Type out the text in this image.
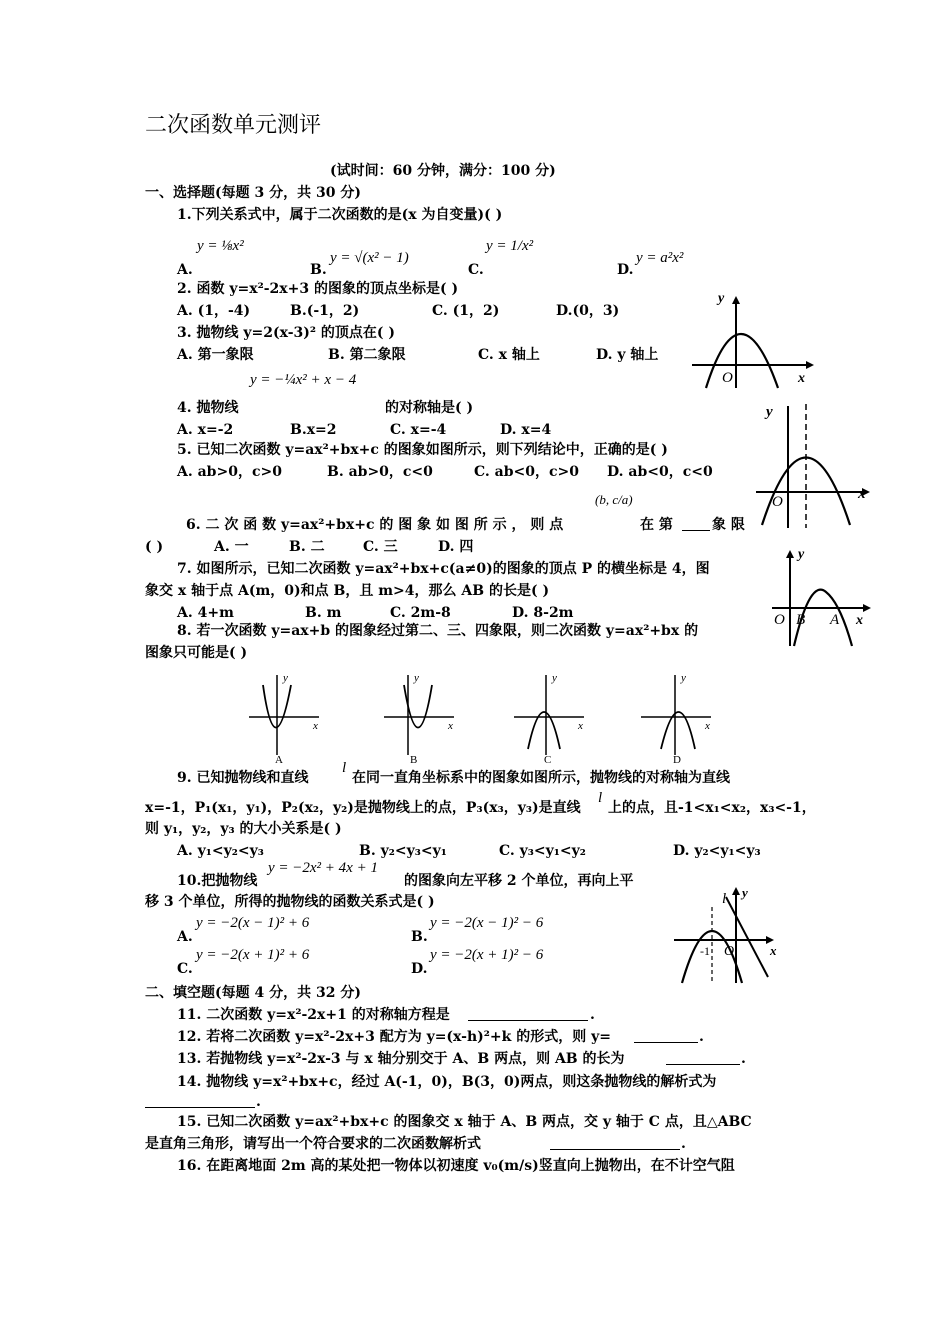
二次函数单元测评
(试时间：60 分钟，满分：100 分)
一、选择题(每题 3 分，共 30 分)
1.下列关系式中，属于二次函数的是(x 为自变量)( )
A.
y = ⅛x²
B.
y = √(x² − 1)
C.
y = 1/x²
D.
y = a²x²
2. 函数 y=x²-2x+3 的图象的顶点坐标是( )
A. (1，-4)	B.(-1，2)	C. (1，2)	D.(0，3)
3. 抛物线 y=2(x-3)² 的顶点在( )
A. 第一象限	B. 第二象限	C. x 轴上	D. y 轴上
y
O	x
y = −¼x² + x − 4
4. 抛物线	的对称轴是( )
A. x=-2	B.x=2	C. x=-4	D. x=4
5. 已知二次函数 y=ax²+bx+c 的图象如图所示，则下列结论中，正确的是( )
A. ab>0，c>0	B. ab>0，c<0	C. ab<0，c>0 D. ab<0，c<0
y
O	x
6. 二 次 函 数 y=ax²+bx+c 的 图 象 如 图 所 示 ， 则 点
(b, c/a)
在 第	象 限
( )	A. 一	B. 二	C. 三	D. 四
7. 如图所示，已知二次函数 y=ax²+bx+c(a≠0)的图象的顶点 P 的横坐标是 4，图
象交 x 轴于点 A(m，0)和点 B，且 m>4，那么 AB 的长是( )
A. 4+m	B. m	C. 2m-8	D. 8-2m
y
O B A x
8. 若一次函数 y=ax+b 的图象经过第二、三、四象限，则二次函数 y=ax²+bx 的
图象只可能是( )
y
x
A
y
x
B
y
x
C
y
x
D
9. 已知抛物线和直线
l
在同一直角坐标系中的图象如图所示，抛物线的对称轴为直线
x=-1，P₁(x₁，y₁)，P₂(x₂，y₂)是抛物线上的点，P₃(x₃，y₃)是直线
l
上的点，且-1<x₁<x₂，x₃<-1，
则 y₁，y₂，y₃ 的大小关系是( )
A. y₁<y₂<y₃	B. y₂<y₃<y₁	C. y₃<y₁<y₂	D. y₂<y₁<y₃
10.把抛物线
y = −2x² + 4x + 1
的图象向左平移 2 个单位，再向上平
移 3 个单位，所得的抛物线的函数关系式是( )
A.
y = −2(x − 1)² + 6
B.
y = −2(x − 1)² − 6
C.
y = −2(x + 1)² + 6
D.
y = −2(x + 1)² − 6
l y
-1 O	x
二、填空题(每题 4 分，共 32 分)
11. 二次函数 y=x²-2x+1 的对称轴方程是	.
12. 若将二次函数 y=x²-2x+3 配方为 y=(x-h)²+k 的形式，则 y=	.
13. 若抛物线 y=x²-2x-3 与 x 轴分别交于 A、B 两点，则 AB 的长为	.
14. 抛物线 y=x²+bx+c，经过 A(-1，0)，B(3，0)两点，则这条抛物线的解析式为
.
15. 已知二次函数 y=ax²+bx+c 的图象交 x 轴于 A、B 两点，交 y 轴于 C 点，且△ABC
是直角三角形，请写出一个符合要求的二次函数解析式	.
16. 在距离地面 2m 高的某处把一物体以初速度 v₀(m/s)竖直向上抛物出，在不计空气阻
